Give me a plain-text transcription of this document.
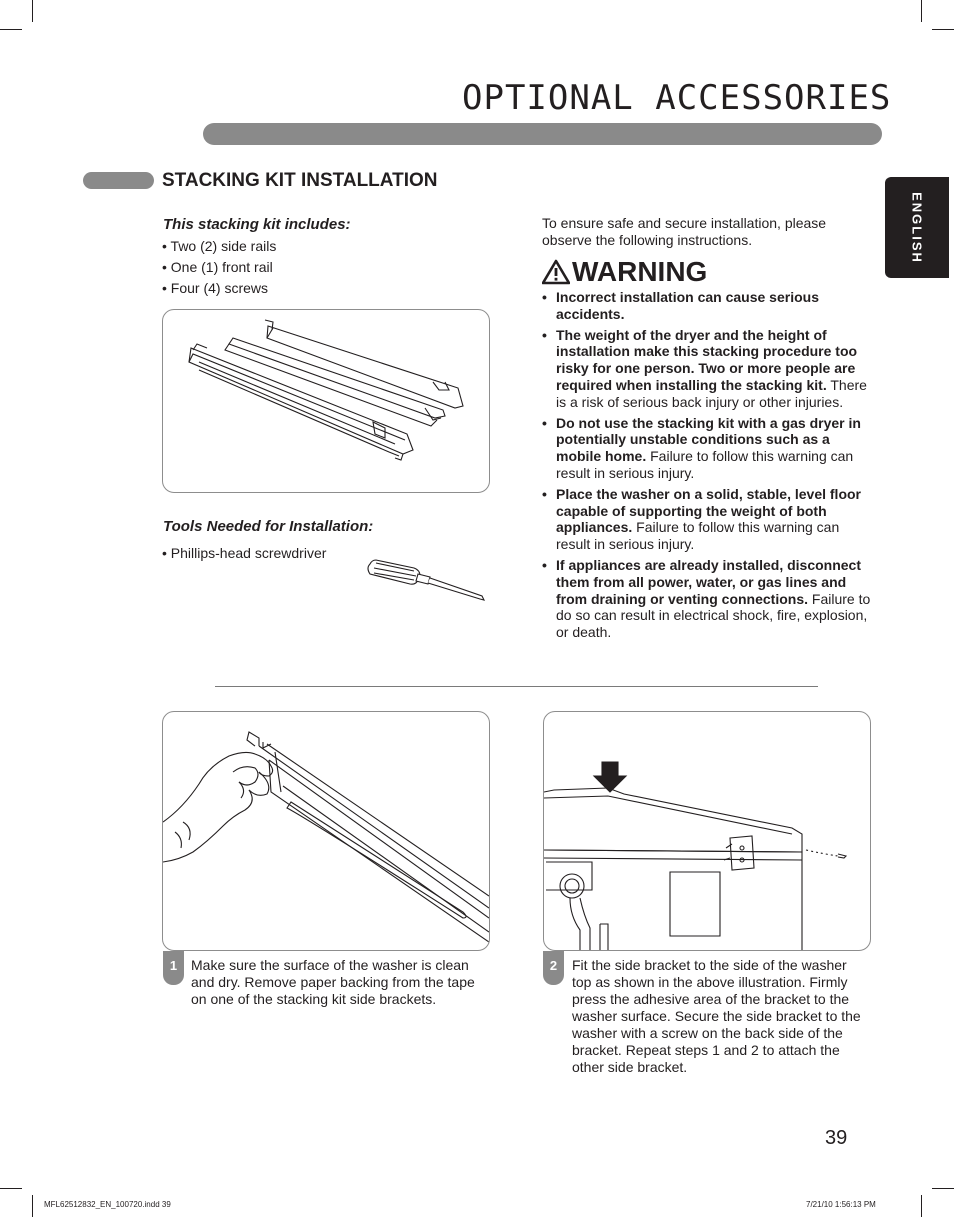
OPTIONAL ACCESSORIES
ENGLISH
STACKING KIT INSTALLATION
This stacking kit includes:
• Two (2) side rails
• One (1) front rail
• Four (4) screws
Tools Needed for Installation:
• Phillips-head screwdriver
To ensure safe and secure installation, please observe the following instructions.
WARNING
• Incorrect installation can cause serious accidents.
• The weight of the dryer and the height of installation make this stacking procedure too risky for one person. Two or more people are required when installing the stacking kit. There is a risk of serious back injury or other injuries.
• Do not use the stacking kit with a gas dryer in potentially unstable conditions such as a mobile home. Failure to follow this warning can result in serious injury.
• Place the washer on a solid, stable, level floor capable of supporting the weight of both appliances. Failure to follow this warning can result in serious injury.
• If appliances are already installed, disconnect them from all power, water, or gas lines and from draining or venting connections. Failure to do so can result in electrical shock, fire, explosion, or death.
1 Make sure the surface of the washer is clean and dry. Remove paper backing from the tape on one of the stacking kit side brackets.
2	Fit the side bracket to the side of the washer top as shown in the above illustration. Firmly press the adhesive area of the bracket to the washer surface. Secure the side bracket to the washer with a screw on the back side of the bracket. Repeat steps 1 and 2 to attach the other side bracket.
39
MFL62512832_EN_100720.indd 39	7/21/10 1:56:13 PM
